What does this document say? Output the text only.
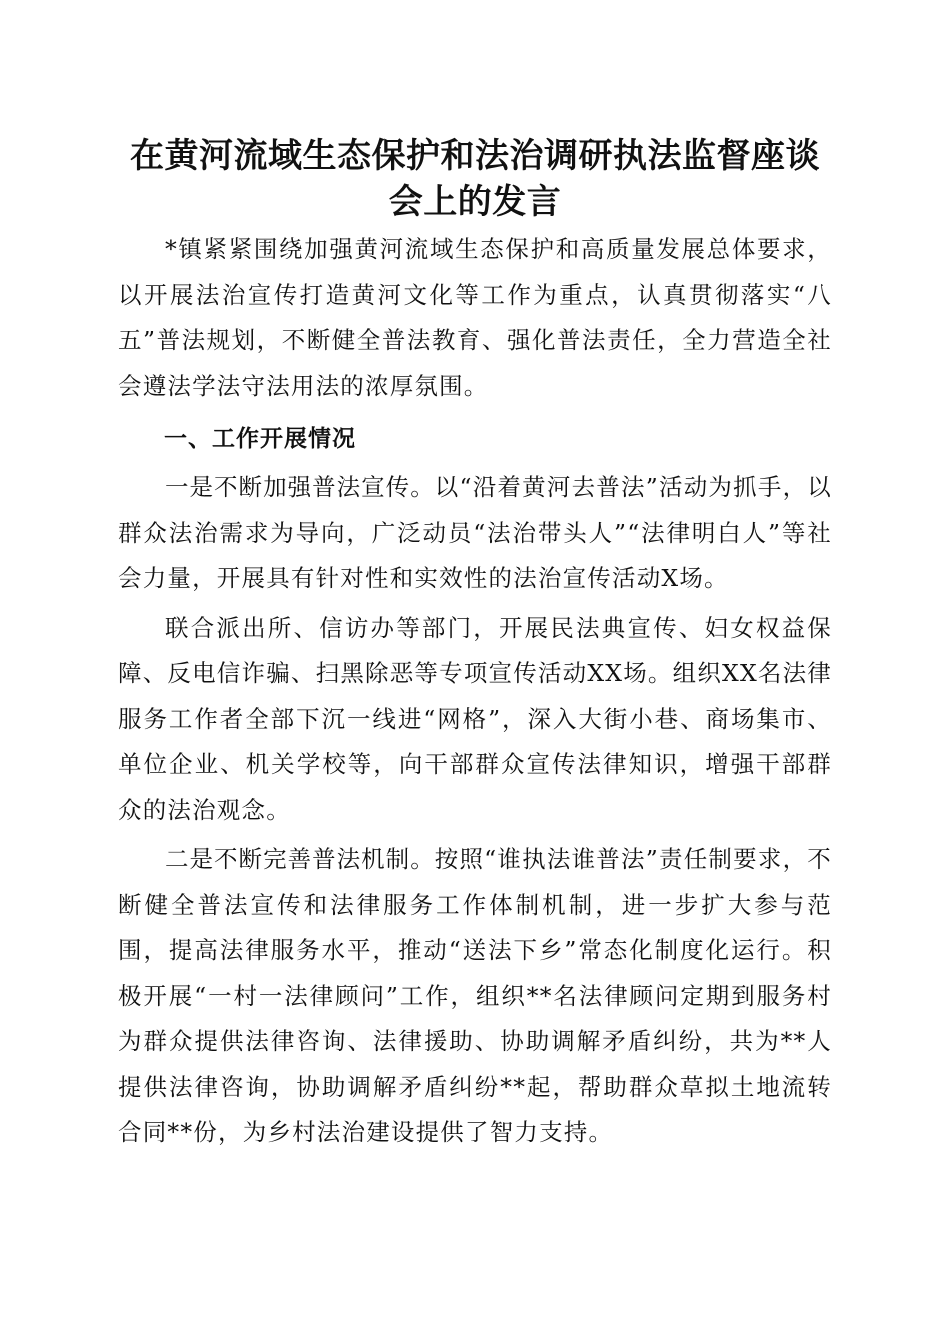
在黄河流域生态保护和法治调研执法监督座谈会上的发言

*镇紧紧围绕加强黄河流域生态保护和高质量发展总体要求，以开展法治宣传打造黄河文化等工作为重点，认真贯彻落实“八五”普法规划，不断健全普法教育、强化普法责任，全力营造全社会遵法学法守法用法的浓厚氛围。

一、工作开展情况

一是不断加强普法宣传。以“沿着黄河去普法”活动为抓手，以群众法治需求为导向，广泛动员“法治带头人”“法律明白人”等社会力量，开展具有针对性和实效性的法治宣传活动X场。

联合派出所、信访办等部门，开展民法典宣传、妇女权益保障、反电信诈骗、扫黑除恶等专项宣传活动XX场。组织XX名法律服务工作者全部下沉一线进“网格”，深入大街小巷、商场集市、单位企业、机关学校等，向干部群众宣传法律知识，增强干部群众的法治观念。

二是不断完善普法机制。按照“谁执法谁普法”责任制要求，不断健全普法宣传和法律服务工作体制机制，进一步扩大参与范围，提高法律服务水平，推动“送法下乡”常态化制度化运行。积极开展“一村一法律顾问”工作，组织**名法律顾问定期到服务村为群众提供法律咨询、法律援助、协助调解矛盾纠纷，共为**人提供法律咨询，协助调解矛盾纠纷**起，帮助群众草拟土地流转合同**份，为乡村法治建设提供了智力支持。
